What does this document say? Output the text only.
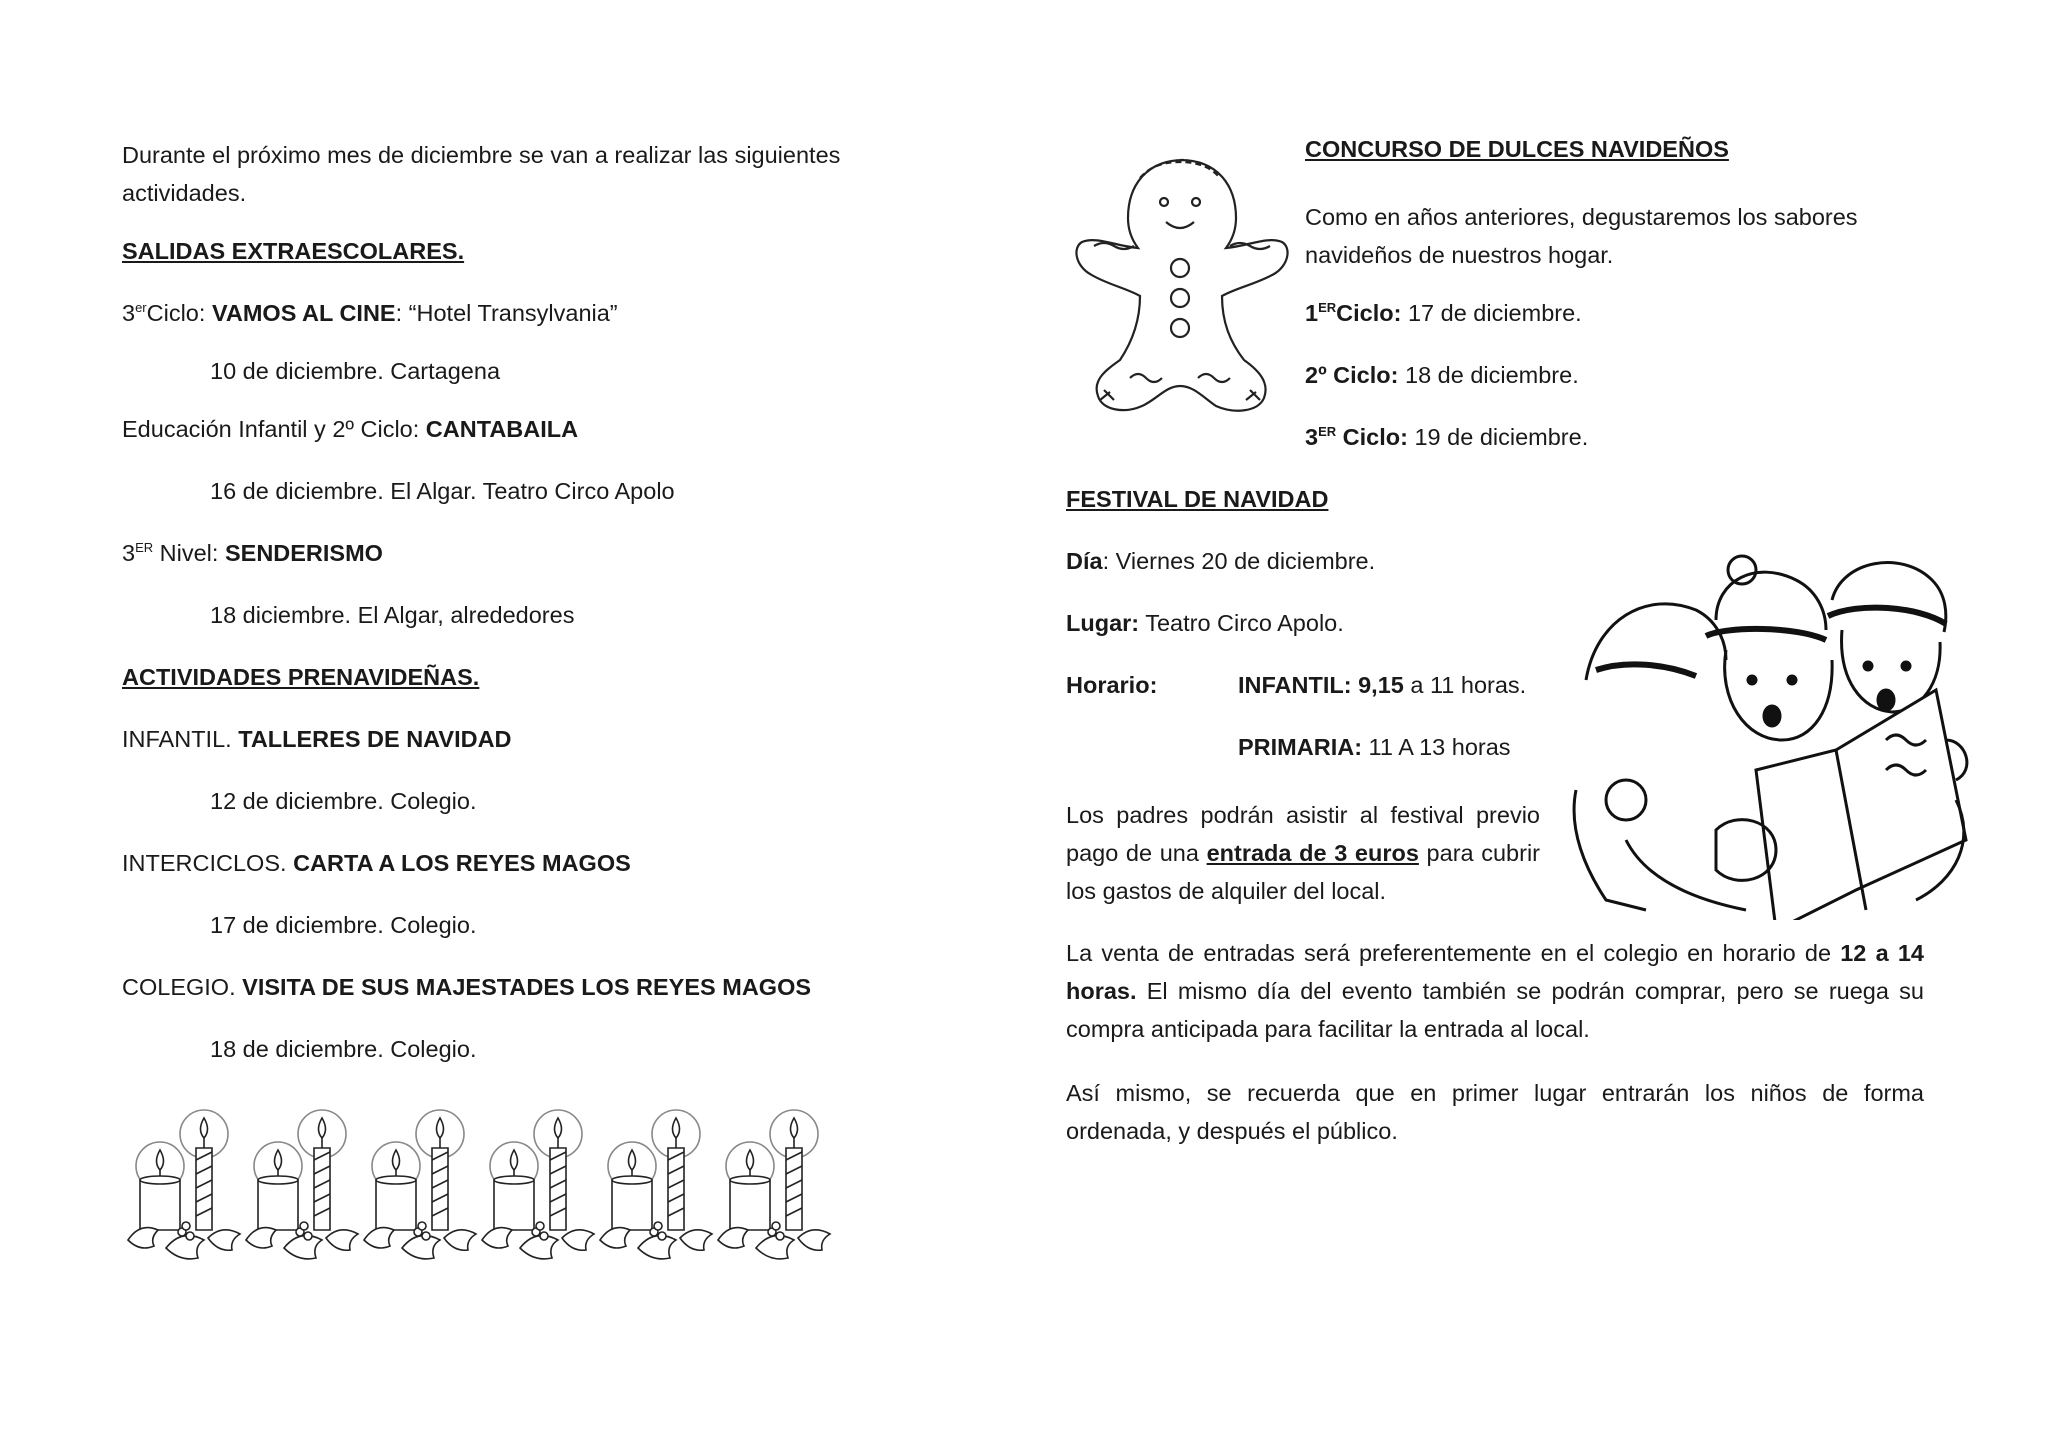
Durante el próximo mes de diciembre se van a realizar las siguientes actividades.

SALIDAS EXTRAESCOLARES.

3erCiclo: VAMOS AL CINE: “Hotel Transylvania”

10 de diciembre. Cartagena

Educación Infantil y 2º Ciclo: CANTABAILA

16 de diciembre. El Algar. Teatro Circo Apolo

3ER Nivel: SENDERISMO

18 diciembre. El Algar, alrededores

ACTIVIDADES PRENAVIDEÑAS.

INFANTIL. TALLERES DE NAVIDAD

12 de diciembre. Colegio.

INTERCICLOS. CARTA A LOS REYES MAGOS

17 de diciembre. Colegio.

COLEGIO. VISITA DE SUS MAJESTADES LOS REYES MAGOS

18 de diciembre. Colegio.

CONCURSO DE DULCES NAVIDEÑOS

Como en años anteriores, degustaremos los sabores navideños de nuestros hogar.

1ERCiclo: 17 de diciembre.

2º Ciclo: 18 de diciembre.

3ER Ciclo: 19 de diciembre.

FESTIVAL DE NAVIDAD

Día: Viernes 20 de diciembre.

Lugar: Teatro Circo Apolo.

Horario:	INFANTIL: 9,15 a 11 horas.

PRIMARIA: 11 A 13 horas

Los padres podrán asistir al festival previo pago de una entrada de 3 euros para cubrir los gastos de alquiler del local.

La venta de entradas será preferentemente en el colegio en horario de 12 a 14 horas. El mismo día del evento también se podrán comprar, pero se ruega su compra anticipada para facilitar la entrada al local.

Así mismo, se recuerda que en primer lugar entrarán los niños de forma ordenada, y después el público.
